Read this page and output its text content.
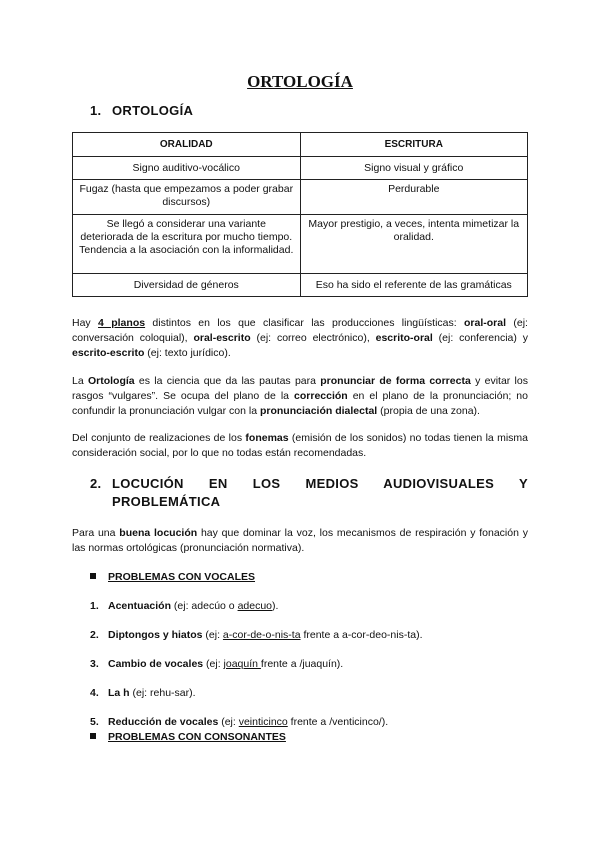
ORTOLOGÍA
1. ORTOLOGÍA
ORALIDAD	ESCRITURA
Signo auditivo-vocálico	Signo visual y gráfico
Fugaz (hasta que empezamos a poder grabar discursos)	Perdurable
Se llegó a considerar una variante deteriorada de la escritura por mucho tiempo. Tendencia a la asociación con la informalidad.	Mayor prestigio, a veces, intenta mimetizar la oralidad.
Diversidad de géneros	Eso ha sido el referente de las gramáticas
Hay 4 planos distintos en los que clasificar las producciones lingüísticas: oral-oral (ej: conversación coloquial), oral-escrito (ej: correo electrónico), escrito-oral (ej: conferencia) y escrito-escrito (ej: texto jurídico).
La Ortología es la ciencia que da las pautas para pronunciar de forma correcta y evitar los rasgos “vulgares”. Se ocupa del plano de la corrección en el plano de la pronunciación; no confundir la pronunciación vulgar con la pronunciación dialectal (propia de una zona).
Del conjunto de realizaciones de los fonemas (emisión de los sonidos) no todas tienen la misma consideración social, por lo que no todas están recomendadas.
2. LOCUCIÓN EN LOS MEDIOS AUDIOVISUALES Y
PROBLEMÁTICA
Para una buena locución hay que dominar la voz, los mecanismos de respiración y fonación y las normas ortológicas (pronunciación normativa).
PROBLEMAS CON VOCALES
1. Acentuación (ej: adecúo o adecuo).
2. Diptongos y hiatos (ej: a-cor-de-o-nis-ta frente a a-cor-deo-nis-ta).
3. Cambio de vocales (ej: joaquín frente a /juaquín).
4. La h (ej: rehu-sar).
5. Reducción de vocales (ej: veinticinco frente a /venticinco/).
PROBLEMAS CON CONSONANTES
